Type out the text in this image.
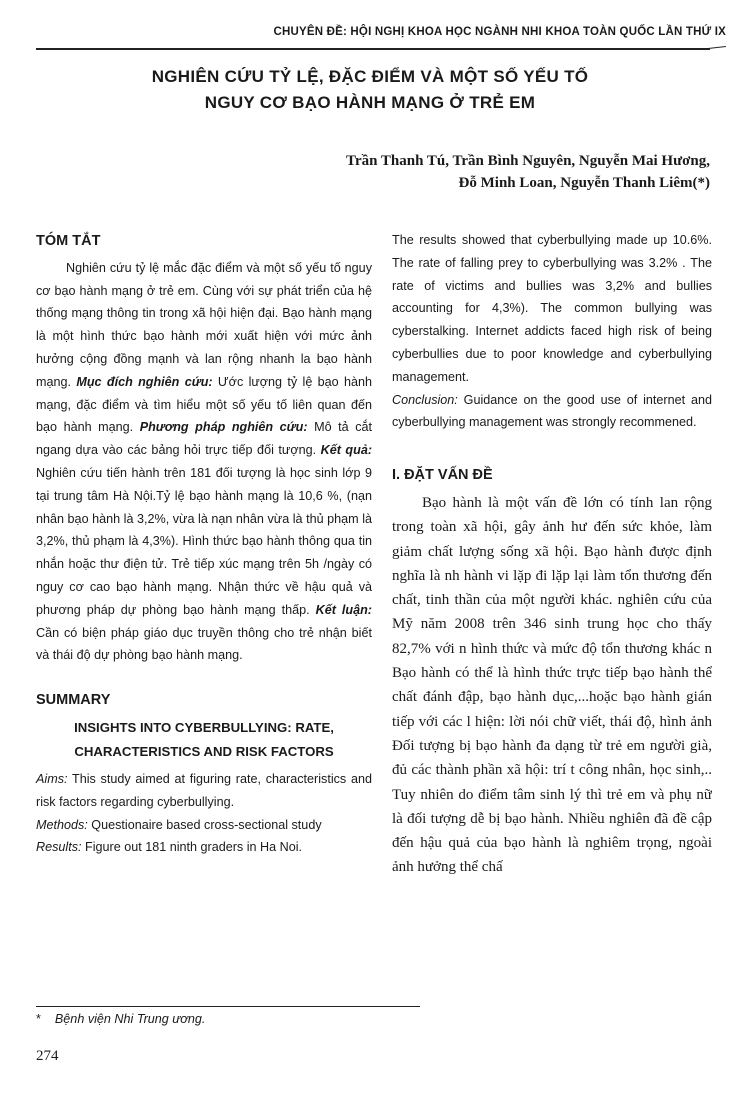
CHUYÊN ĐỀ: HỘI NGHỊ KHOA HỌC NGÀNH NHI KHOA TOÀN QUỐC LẦN THỨ IX
NGHIÊN CỨU TỶ LỆ, ĐẶC ĐIỂM VÀ MỘT SỐ YẾU TỐ
NGUY CƠ BẠO HÀNH MẠNG Ở TRẺ EM
Trần Thanh Tú, Trần Bình Nguyên, Nguyễn Mai Hương,
Đỗ Minh Loan, Nguyễn Thanh Liêm(*)
TÓM TẮT

Nghiên cứu tỷ lệ mắc đặc điểm và một số yếu tố nguy cơ bạo hành mạng ở trẻ em. Cùng với sự phát triển của hệ thống mạng thông tin trong xã hội hiện đại. Bạo hành mạng là một hình thức bạo hành mới xuất hiện với mức ảnh hưởng cộng đồng mạnh và lan rộng nhanh la bạo hành mạng. Mục đích nghiên cứu: Ước lượng tỷ lệ bạo hành mạng, đặc điểm và tìm hiểu một số yếu tố liên quan đến bạo hành mạng. Phương pháp nghiên cứu: Mô tả cắt ngang dựa vào các bảng hỏi trực tiếp đối tượng. Kết quả: Nghiên cứu tiến hành trên 181 đối tượng là học sinh lớp 9 tại trung tâm Hà Nội.Tỷ lệ bạo hành mạng là 10,6 %, (nạn nhân bạo hành là 3,2%, vừa là nạn nhân vừa là thủ phạm là 3,2%, thủ phạm là 4,3%). Hình thức bạo hành thông qua tin nhắn hoặc thư điện tử. Trẻ tiếp xúc mạng trên 5h /ngày có nguy cơ cao bạo hành mạng. Nhận thức về hậu quả và phương pháp dự phòng bạo hành mạng thấp. Kết luận: Cần có biện pháp giáo dục truyền thông cho trẻ nhận biết và thái độ dự phòng bạo hành mạng.

SUMMARY
INSIGHTS INTO CYBERBULLYING: RATE, CHARACTERISTICS AND RISK FACTORS

Aims: This study aimed at figuring rate, characteristics and risk factors regarding cyberbullying.

Methods: Questionaire based cross-sectional study

Results: Figure out 181 ninth graders in Ha Noi.

The results showed that cyberbullying made up 10.6%. The rate of falling prey to cyberbullying was 3.2% . The rate of victims and bullies was 3,2% and bullies accounting for 4,3%). The common bullying was cyberstalking. Internet addicts faced high risk of being cyberbullies due to poor knowledge and cyberbullying management.

Conclusion: Guidance on the good use of internet and cyberbullying management was strongly recommened.

I. ĐẶT VẤN ĐỀ

Bạo hành là một vấn đề lớn có tính lan rộng trong toàn xã hội, gây ảnh hư đến sức khỏe, làm giảm chất lượng sống xã hội. Bạo hành được định nghĩa là nh hành vi lặp đi lặp lại làm tổn thương đến chất, tinh thần của một người khác. nghiên cứu của Mỹ năm 2008 trên 346 sinh trung học cho thấy 82,7% với n hình thức và mức độ tổn thương khác n Bạo hành có thể là hình thức trực tiếp bạo hành thể chất đánh đập, bạo hành dục,...hoặc bạo hành gián tiếp với các l hiện: lời nói chữ viết, thái độ, hình ảnh Đối tượng bị bạo hành đa dạng từ trẻ em người già, đủ các thành phần xã hội: trí t công nhân, học sinh,.. Tuy nhiên do điểm tâm sinh lý thì trẻ em và phụ nữ là đối tượng dễ bị bạo hành. Nhiều nghiên đã đề cập đến hậu quả của bạo hành là nghiêm trọng, ngoài ảnh hưởng thể chấ

* Bệnh viện Nhi Trung ương.
274
